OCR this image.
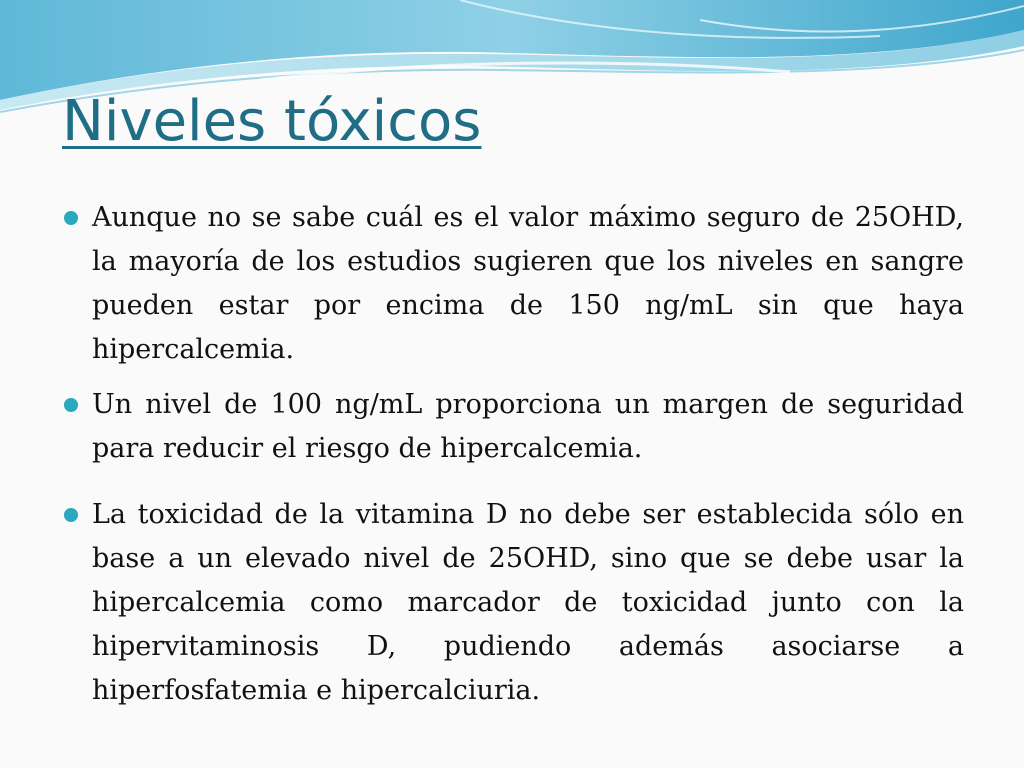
Niveles tóxicos
Aunque no se sabe cuál es el valor máximo seguro de 25OHD, la mayoría de los estudios sugieren que los niveles en sangre pueden estar por encima de 150 ng/mL sin que haya hipercalcemia.
Un nivel de 100 ng/mL proporciona un margen de seguridad para reducir el riesgo de hipercalcemia.
La toxicidad de la vitamina D no debe ser establecida sólo en base a un elevado nivel de 25OHD, sino que se debe usar la hipercalcemia como marcador de toxicidad junto con la hipervitaminosis D, pudiendo además asociarse a hiperfosfatemia e hipercalciuria.
